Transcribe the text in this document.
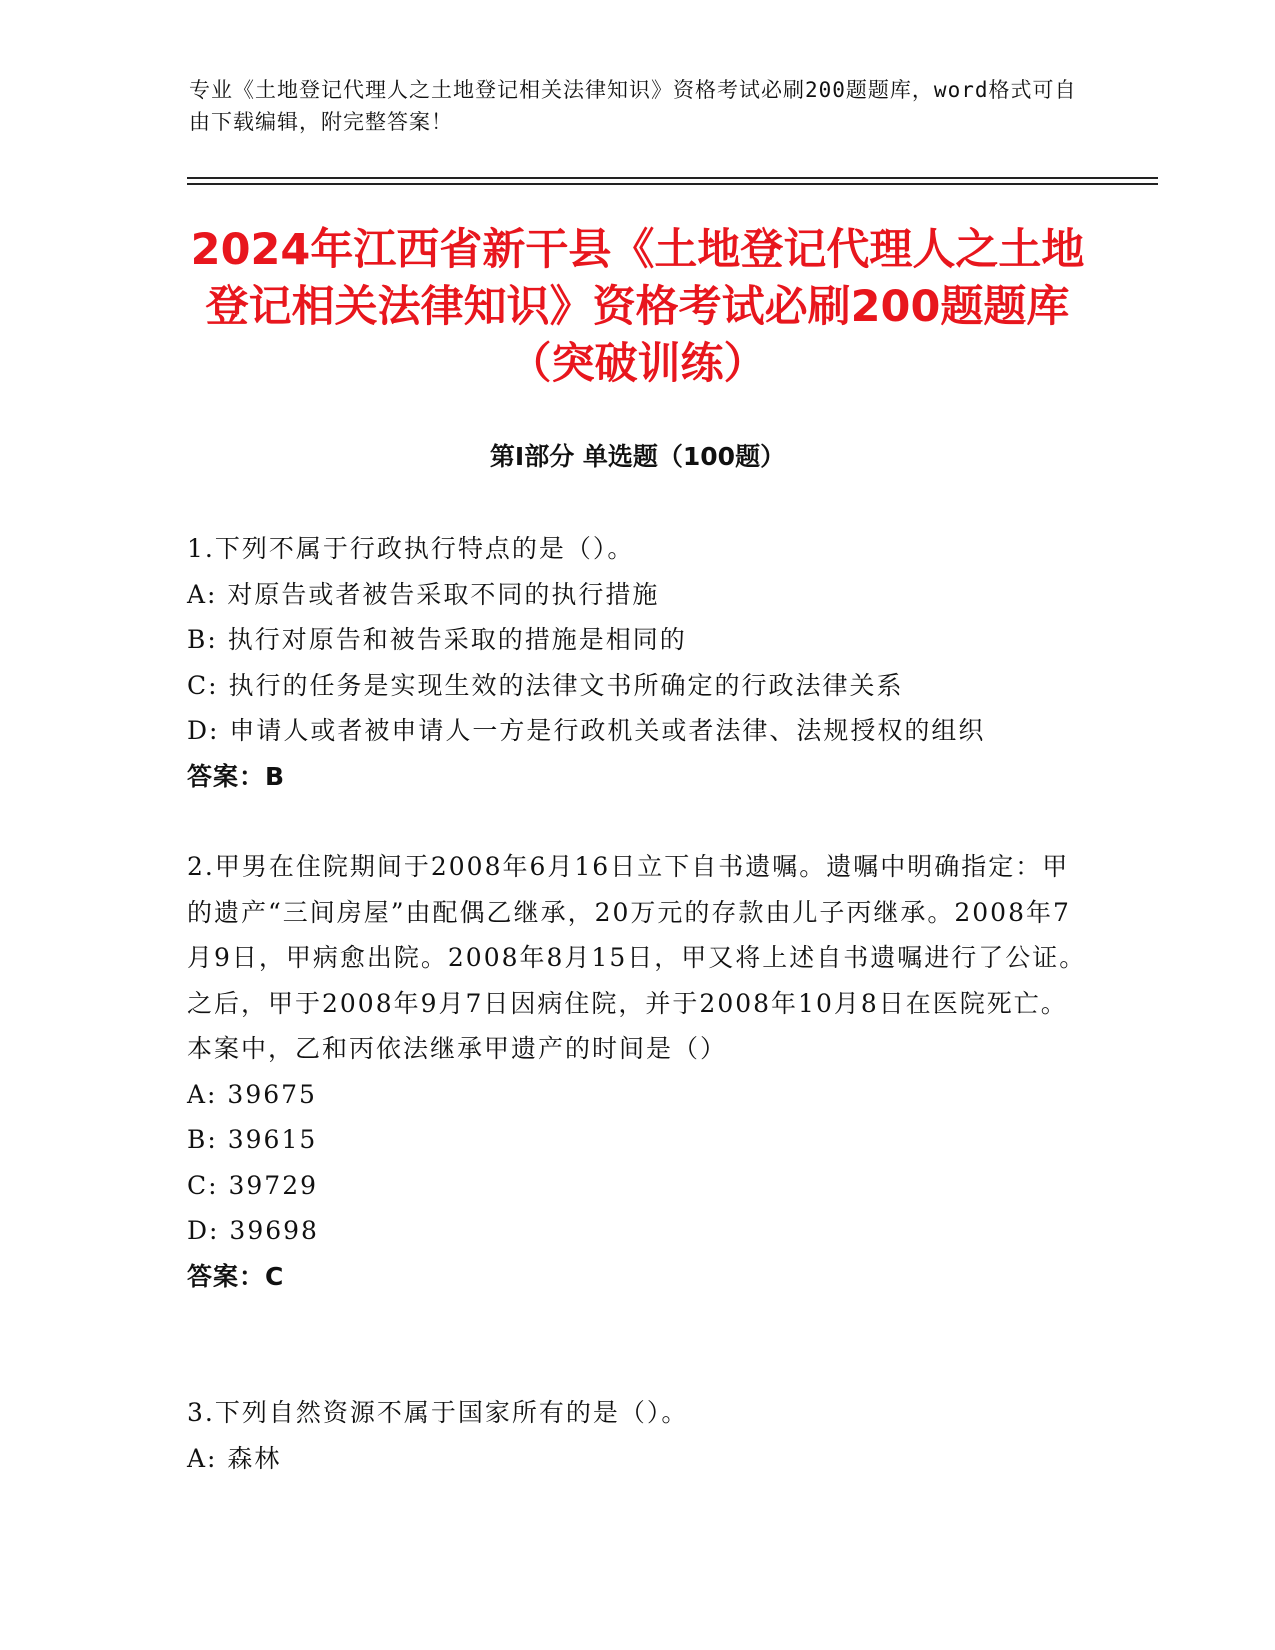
专业《土地登记代理人之土地登记相关法律知识》资格考试必刷200题题库，word格式可自由下载编辑，附完整答案！
2024年江西省新干县《土地登记代理人之土地登记相关法律知识》资格考试必刷200题题库（突破训练）
第I部分 单选题（100题）

1.下列不属于行政执行特点的是（）。

A: 对原告或者被告采取不同的执行措施

B: 执行对原告和被告采取的措施是相同的

C: 执行的任务是实现生效的法律文书所确定的行政法律关系

D: 申请人或者被申请人一方是行政机关或者法律、法规授权的组织

答案：B

2.甲男在住院期间于2008年6月16日立下自书遗嘱。遗嘱中明确指定：甲的遗产“三间房屋”由配偶乙继承，20万元的存款由儿子丙继承。2008年7月9日，甲病愈出院。2008年8月15日，甲又将上述自书遗嘱进行了公证。之后，甲于2008年9月7日因病住院，并于2008年10月8日在医院死亡。本案中，乙和丙依法继承甲遗产的时间是（）

A: 39675

B: 39615

C: 39729

D: 39698

答案：C

3.下列自然资源不属于国家所有的是（）。

A: 森林
